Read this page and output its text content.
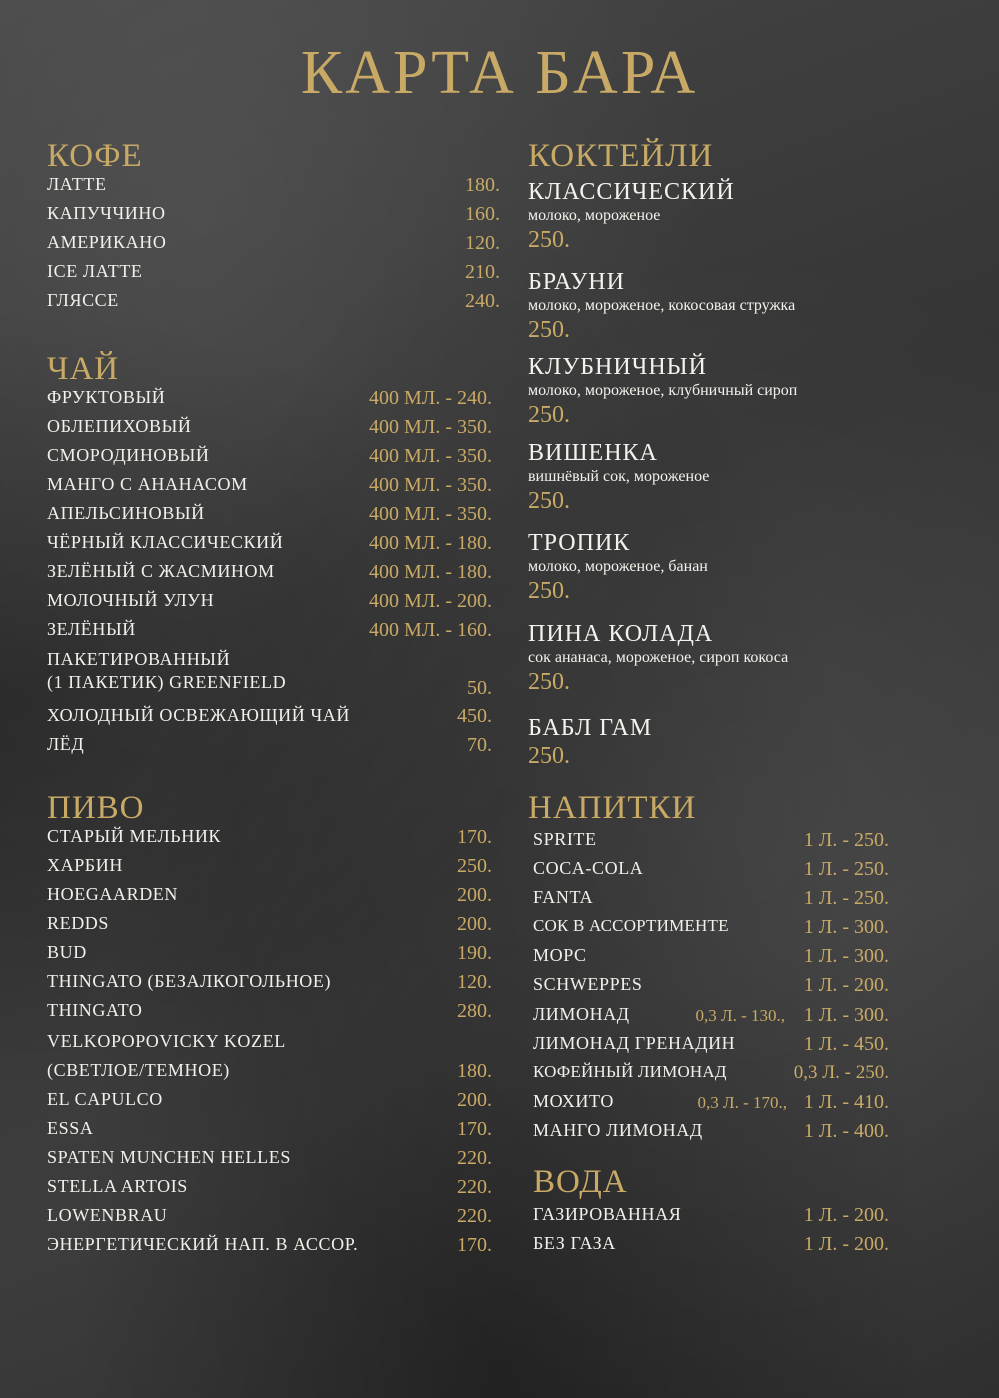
КАРТА БАРА
КОФЕ
ЛАТТЕ	180.
КАПУЧЧИНО	160.
АМЕРИКАНО	120.
ICE ЛАТТЕ	210.
ГЛЯССЕ	240.
ЧАЙ
ФРУКТОВЫЙ	400 МЛ. - 240.
ОБЛЕПИХОВЫЙ	400 МЛ. - 350.
СМОРОДИНОВЫЙ	400 МЛ. - 350.
МАНГО С АНАНАСОМ	400 МЛ. - 350.
АПЕЛЬСИНОВЫЙ	400 МЛ. - 350.
ЧЁРНЫЙ КЛАССИЧЕСКИЙ	400 МЛ. - 180.
ЗЕЛЁНЫЙ С ЖАСМИНОМ	400 МЛ. - 180.
МОЛОЧНЫЙ УЛУН	400 МЛ. - 200.
ЗЕЛЁНЫЙ	400 МЛ. - 160.
ПАКЕТИРОВАННЫЙ
(1 ПАКЕТИК) GREENFIELD	50.
ХОЛОДНЫЙ ОСВЕЖАЮЩИЙ ЧАЙ	450.
ЛЁД	70.
ПИВО
СТАРЫЙ МЕЛЬНИК	170.
ХАРБИН	250.
HOEGAARDEN	200.
REDDS	200.
BUD	190.
THINGATO (БЕЗАЛКОГОЛЬНОЕ)	120.
THINGATO	280.
VELKOPOPOVICKY KOZEL
(СВЕТЛОЕ/ТЕМНОЕ)	180.
EL CAPULCO	200.
ESSA	170.
SPATEN MUNCHEN HELLES	220.
STELLA ARTOIS	220.
LOWENBRAU	220.
ЭНЕРГЕТИЧЕСКИЙ НАП. В АССОР.	170.
КОКТЕЙЛИ
КЛАССИЧЕСКИЙ
молоко, мороженое
250.
БРАУНИ
молоко, мороженое, кокосовая стружка
250.
КЛУБНИЧНЫЙ
молоко, мороженое, клубничный сироп
250.
ВИШЕНКА
вишнёвый сок, мороженое
250.
ТРОПИК
молоко, мороженое, банан
250.
ПИНА КОЛАДА
сок ананаса, мороженое, сироп кокоса
250.
БАБЛ ГАМ
250.
НАПИТКИ
SPRITE	1 Л. - 250.
COCA-COLA	1 Л. - 250.
FANTA	1 Л. - 250.
СОК В АССОРТИМЕНТЕ	1 Л. - 300.
МОРС	1 Л. - 300.
SCHWEPPES	1 Л. - 200.
ЛИМОНАД	0,3 Л. - 130., 1 Л. - 300.
ЛИМОНАД ГРЕНАДИН	1 Л. - 450.
КОФЕЙНЫЙ ЛИМОНАД	0,3 Л. - 250.
МОХИТО	0,3 Л. - 170., 1 Л. - 410.
МАНГО ЛИМОНАД	1 Л. - 400.
ВОДА
ГАЗИРОВАННАЯ	1 Л. - 200.
БЕЗ ГАЗА	1 Л. - 200.
